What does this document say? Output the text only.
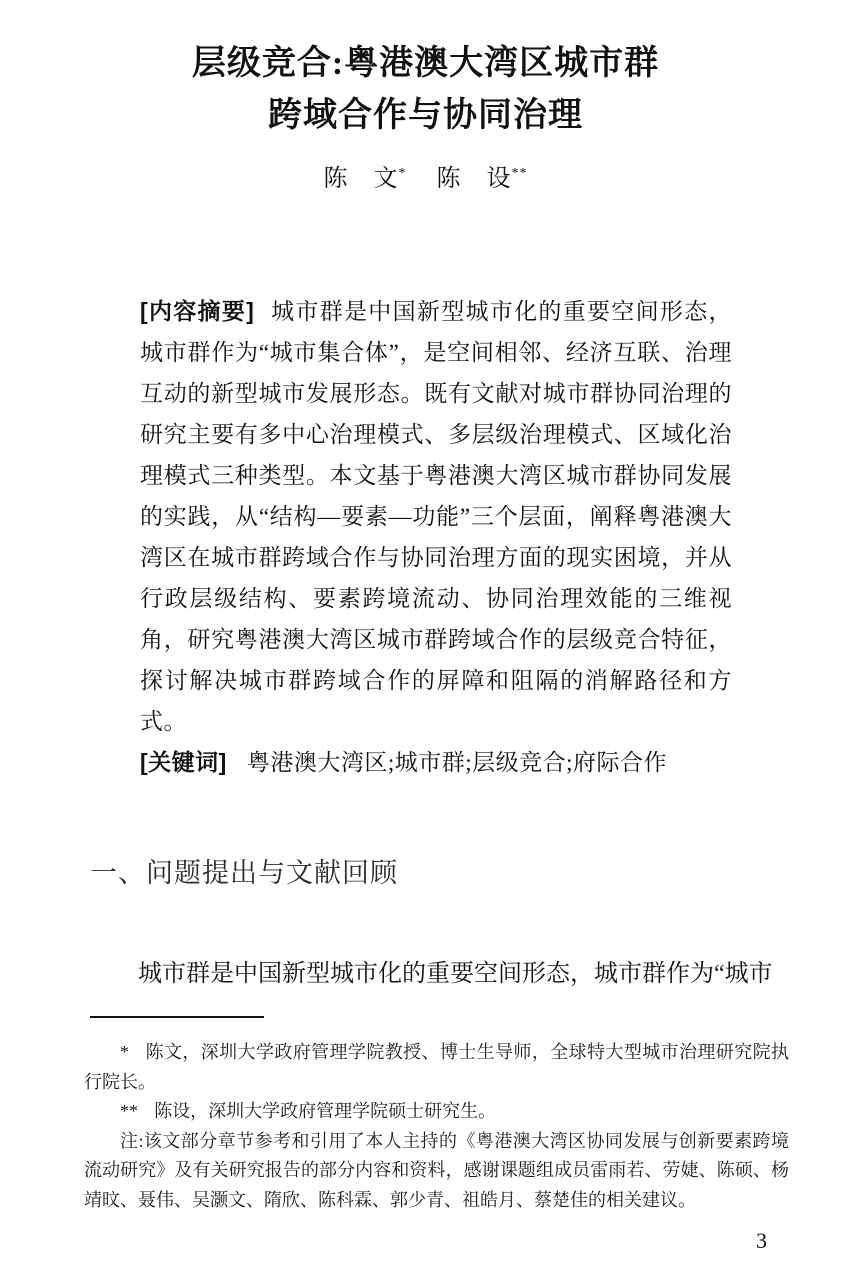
层级竞合:粤港澳大湾区城市群
跨域合作与协同治理
陈　文* 陈　设**

[内容摘要] 城市群是中国新型城市化的重要空间形态，城市群作为“城市集合体”，是空间相邻、经济互联、治理互动的新型城市发展形态。既有文献对城市群协同治理的研究主要有多中心治理模式、多层级治理模式、区域化治理模式三种类型。本文基于粤港澳大湾区城市群协同发展的实践，从“结构—要素—功能”三个层面，阐释粤港澳大湾区在城市群跨域合作与协同治理方面的现实困境，并从行政层级结构、要素跨境流动、协同治理效能的三维视角，研究粤港澳大湾区城市群跨域合作的层级竞合特征，探讨解决城市群跨域合作的屏障和阻隔的消解路径和方式。

[关键词] 粤港澳大湾区;城市群;层级竞合;府际合作

一、问题提出与文献回顾

城市群是中国新型城市化的重要空间形态，城市群作为“城市

* 陈文，深圳大学政府管理学院教授、博士生导师，全球特大型城市治理研究院执行院长。

** 陈设，深圳大学政府管理学院硕士研究生。

注:该文部分章节参考和引用了本人主持的《粤港澳大湾区协同发展与创新要素跨境流动研究》及有关研究报告的部分内容和资料，感谢课题组成员雷雨若、劳婕、陈硕、杨靖旼、聂伟、吴灏文、隋欣、陈科霖、郭少青、祖皓月、蔡楚佳的相关建议。

3
